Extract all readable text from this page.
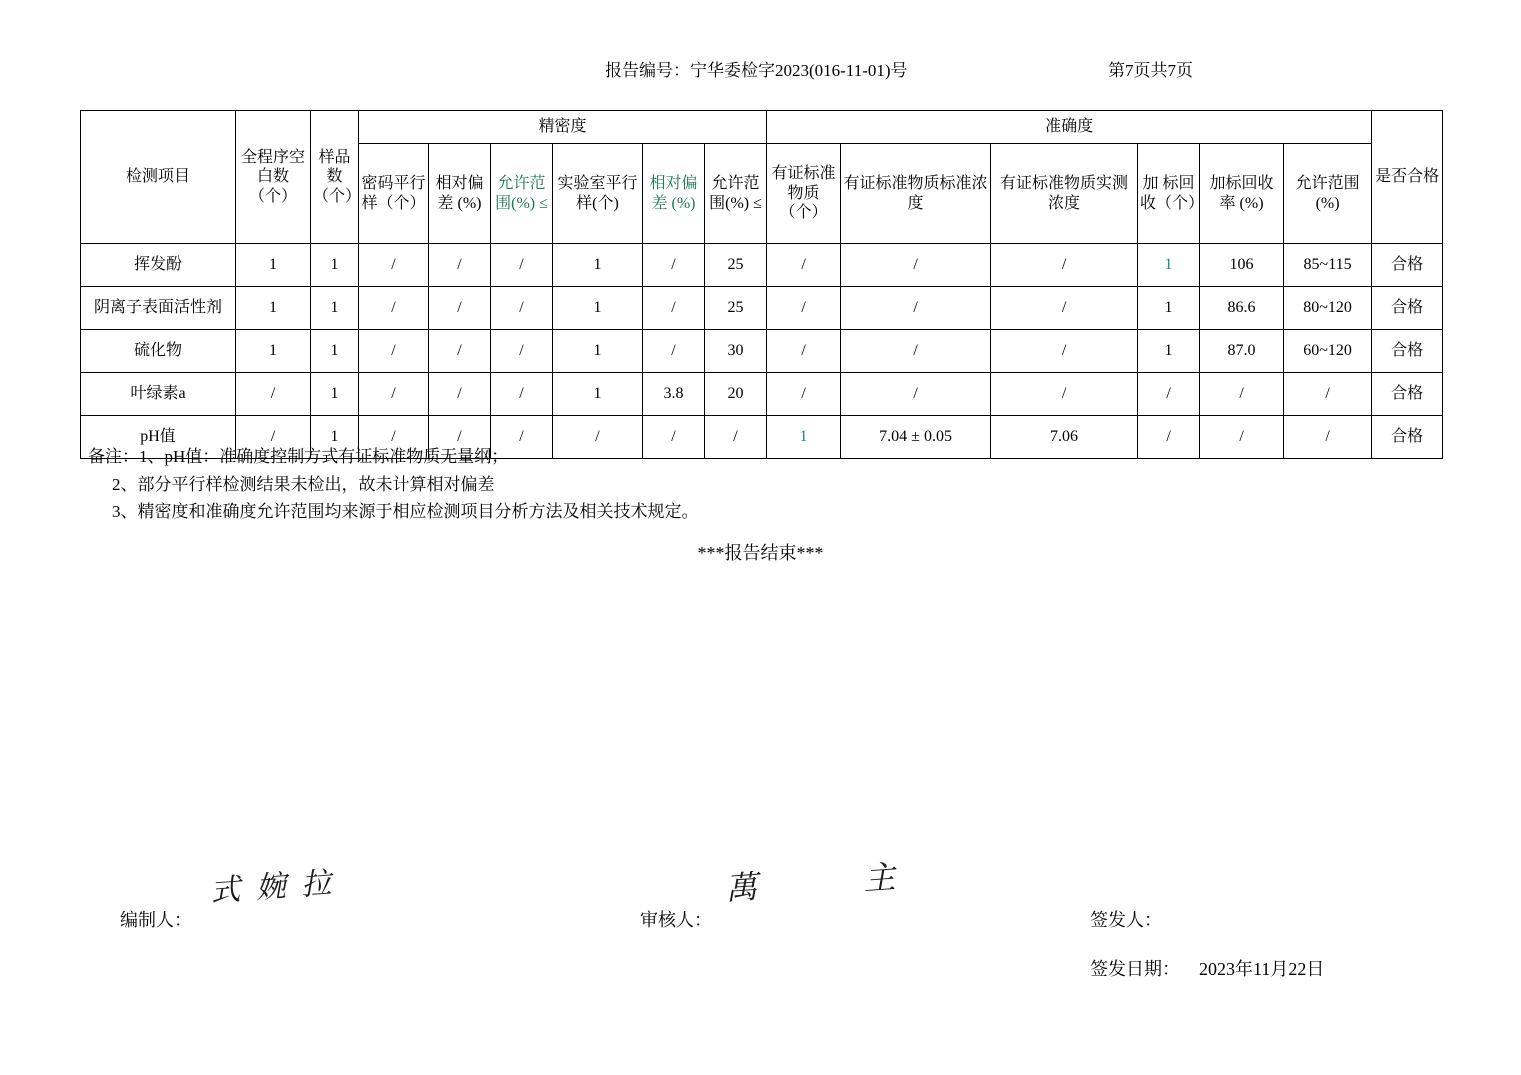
报告编号：宁华委检字2023(016-11-01)号	第7页共7页
检测项目	全程序空白数（个）	样品数（个）	精密度						准确度						是否合格
			密码平行样（个）	相对偏差 (%)	允许范围(%) ≤	实验室平行样(个)	相对偏差 (%)	允许范围(%) ≤	有证标准物质（个）	有证标准物质标准浓度	有证标准物质实测浓度	加 标回 收（个）	加标回收率 (%)	允许范围(%)	
挥发酚	1	1	/	/	/	1	/	25	/	/	/	1	106	85~115	合格
阴离子表面活性剂	1	1	/	/	/	1	/	25	/	/	/	1	86.6	80~120	合格
硫化物	1	1	/	/	/	1	/	30	/	/	/	1	87.0	60~120	合格
叶绿素a	/	1	/	/	/	1	3.8	20	/	/	/	/	/	/	合格
pH值	/	1	/	/	/	/	/	/	1	7.04 ± 0.05	7.06	/	/	/	合格
备注：1、pH值：准确度控制方式有证标准物质无量纲；
2、部分平行样检测结果未检出，故未计算相对偏差
3、精密度和准确度允许范围均来源于相应检测项目分析方法及相关技术规定。
***报告结束***
编制人：	审核人：	签发人：
式 婉 拉	萬 主
签发日期： 2023年11月22日
